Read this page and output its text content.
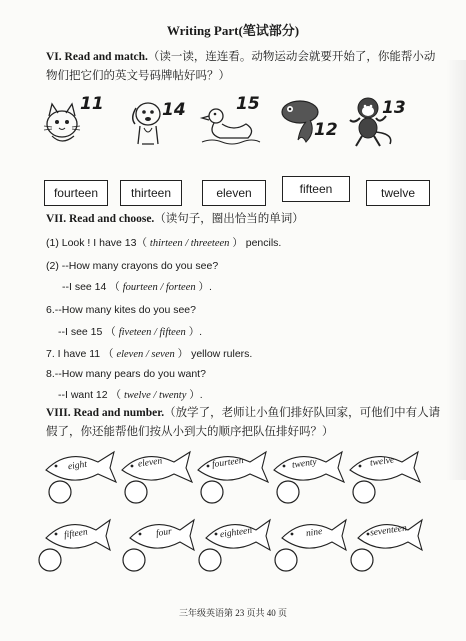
Writing Part(笔试部分)
VI. Read and match.（读一读，连连看。动物运动会就要开始了，你能帮小动物们把它们的英文号码牌帖好吗？）
11	14	15
12
13
fourteen	thirteen	eleven	fifteen	twelve
VII. Read and choose.（读句子，圈出恰当的单词）
(1) Look ! I have 13（ thirteen / threeteen ） pencils.
(2) --How many crayons do you see?
--I see 14 （ fourteen / forteen ）.
6.--How many kites do you see?
--I see 15 （ fiveteen / fifteen ）.
7. I have 11 （ eleven / seven ） yellow rulers.
8.--How many pears do you want?
--I want 12 （ twelve / twenty ）.
VIII. Read and number.（放学了，老师让小鱼们排好队回家，可他们中有人请假了，你还能帮他们按从小到大的顺序把队伍排好吗？）
eight	eleven	fourteen	twenty	twelve
fifteen	four	eighteen	nine	seventeen
三年级英语第 23 页共 40 页
